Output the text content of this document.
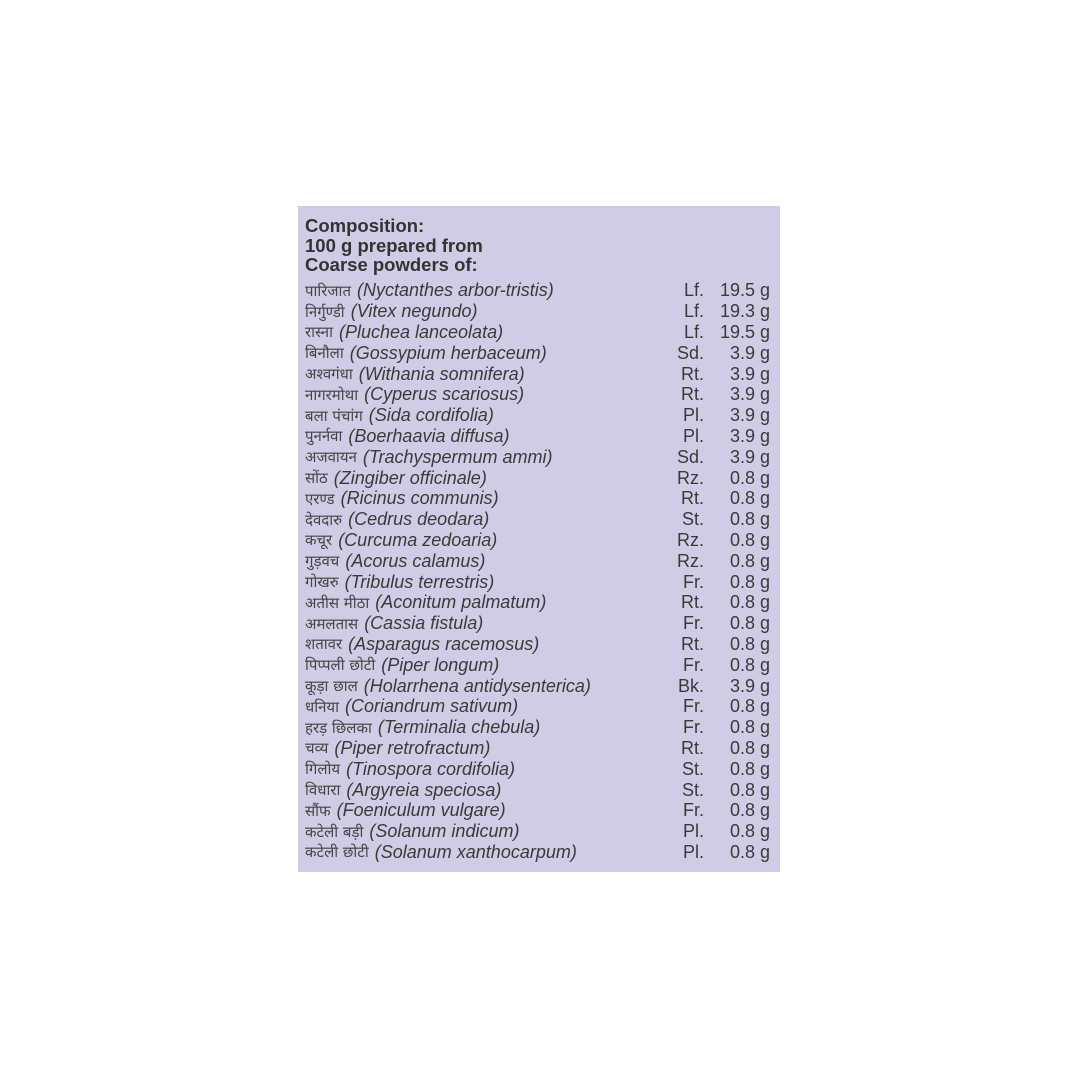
Composition:

100 g prepared from

Coarse powders of:

पारिजात (Nyctanthes arbor-tristis)	Lf. 19.5 g
निर्गुण्डी (Vitex negundo)	Lf. 19.3 g
रास्ना (Pluchea lanceolata)	Lf. 19.5 g
बिनौला (Gossypium herbaceum)	Sd.	3.9 g
अश्वगंधा (Withania somnifera)	Rt.	3.9 g
नागरमोथा (Cyperus scariosus)	Rt.	3.9 g
बला पंचांग (Sida cordifolia)	Pl.	3.9 g
पुनर्नवा (Boerhaavia diffusa)	Pl.	3.9 g
अजवायन (Trachyspermum ammi)	Sd.	3.9 g
सोंठ (Zingiber officinale)	Rz.	0.8 g
एरण्ड (Ricinus communis)	Rt.	0.8 g
देवदारु (Cedrus deodara)	St.	0.8 g
कचूर (Curcuma zedoaria)	Rz.	0.8 g
गुड़वच (Acorus calamus)	Rz.	0.8 g
गोखरु (Tribulus terrestris)	Fr.	0.8 g
अतीस मीठा (Aconitum palmatum)	Rt.	0.8 g
अमलतास (Cassia fistula)	Fr.	0.8 g
शतावर (Asparagus racemosus)	Rt.	0.8 g
पिप्पली छोटी (Piper longum)	Fr.	0.8 g
कूड़ा छाल (Holarrhena antidysenterica)	Bk.	3.9 g
धनिया (Coriandrum sativum)	Fr.	0.8 g
हरड़ छिलका (Terminalia chebula)	Fr.	0.8 g
चव्य (Piper retrofractum)	Rt.	0.8 g
गिलोय (Tinospora cordifolia)	St.	0.8 g
विधारा (Argyreia speciosa)	St.	0.8 g
सौंफ (Foeniculum vulgare)	Fr.	0.8 g
कटेली बड़ी (Solanum indicum)	Pl.	0.8 g
कटेली छोटी (Solanum xanthocarpum)	Pl.	0.8 g
